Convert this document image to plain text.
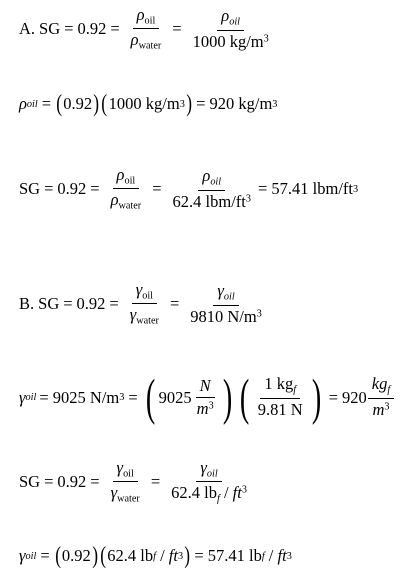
A. SG = $0.92 = \frac{\rho_{oil}}{\rho_{water}} = \frac{\rho_{oil}}{1000 kg/m^3}$
ρ oil = ( 0.92 ) ( 1000 kg/m 3 ) = 920 kg/m 3
SG = $0.92 = \frac{\rho_{oil}}{\rho_{water}} = \frac{\rho_{oil}}{62.4 lbm/ft^3} = 57.41$ lbm/ft 3
B. SG = $0.92 = \frac{\gamma_{oil}}{\gamma_{water}} = \frac{\gamma_{oil}}{9810 N/m^3}$
γ oil = 9025 N/m 3 = ( $9025 \frac{N}{m^3}$ ) ( $\frac{1 kg_f}{9.81 N}$ ) = $920 \frac{kg_f}{m^3}$
SG = $0.92 = \frac{\gamma_{oil}}{\gamma_{water}} = \frac{\gamma_{oil}}{62.4 lb_f / ft^3}$
γ oil = ( 0.92 ) ( 62.4 lb f / ft 3 ) = 57.41 lb f / ft 3
